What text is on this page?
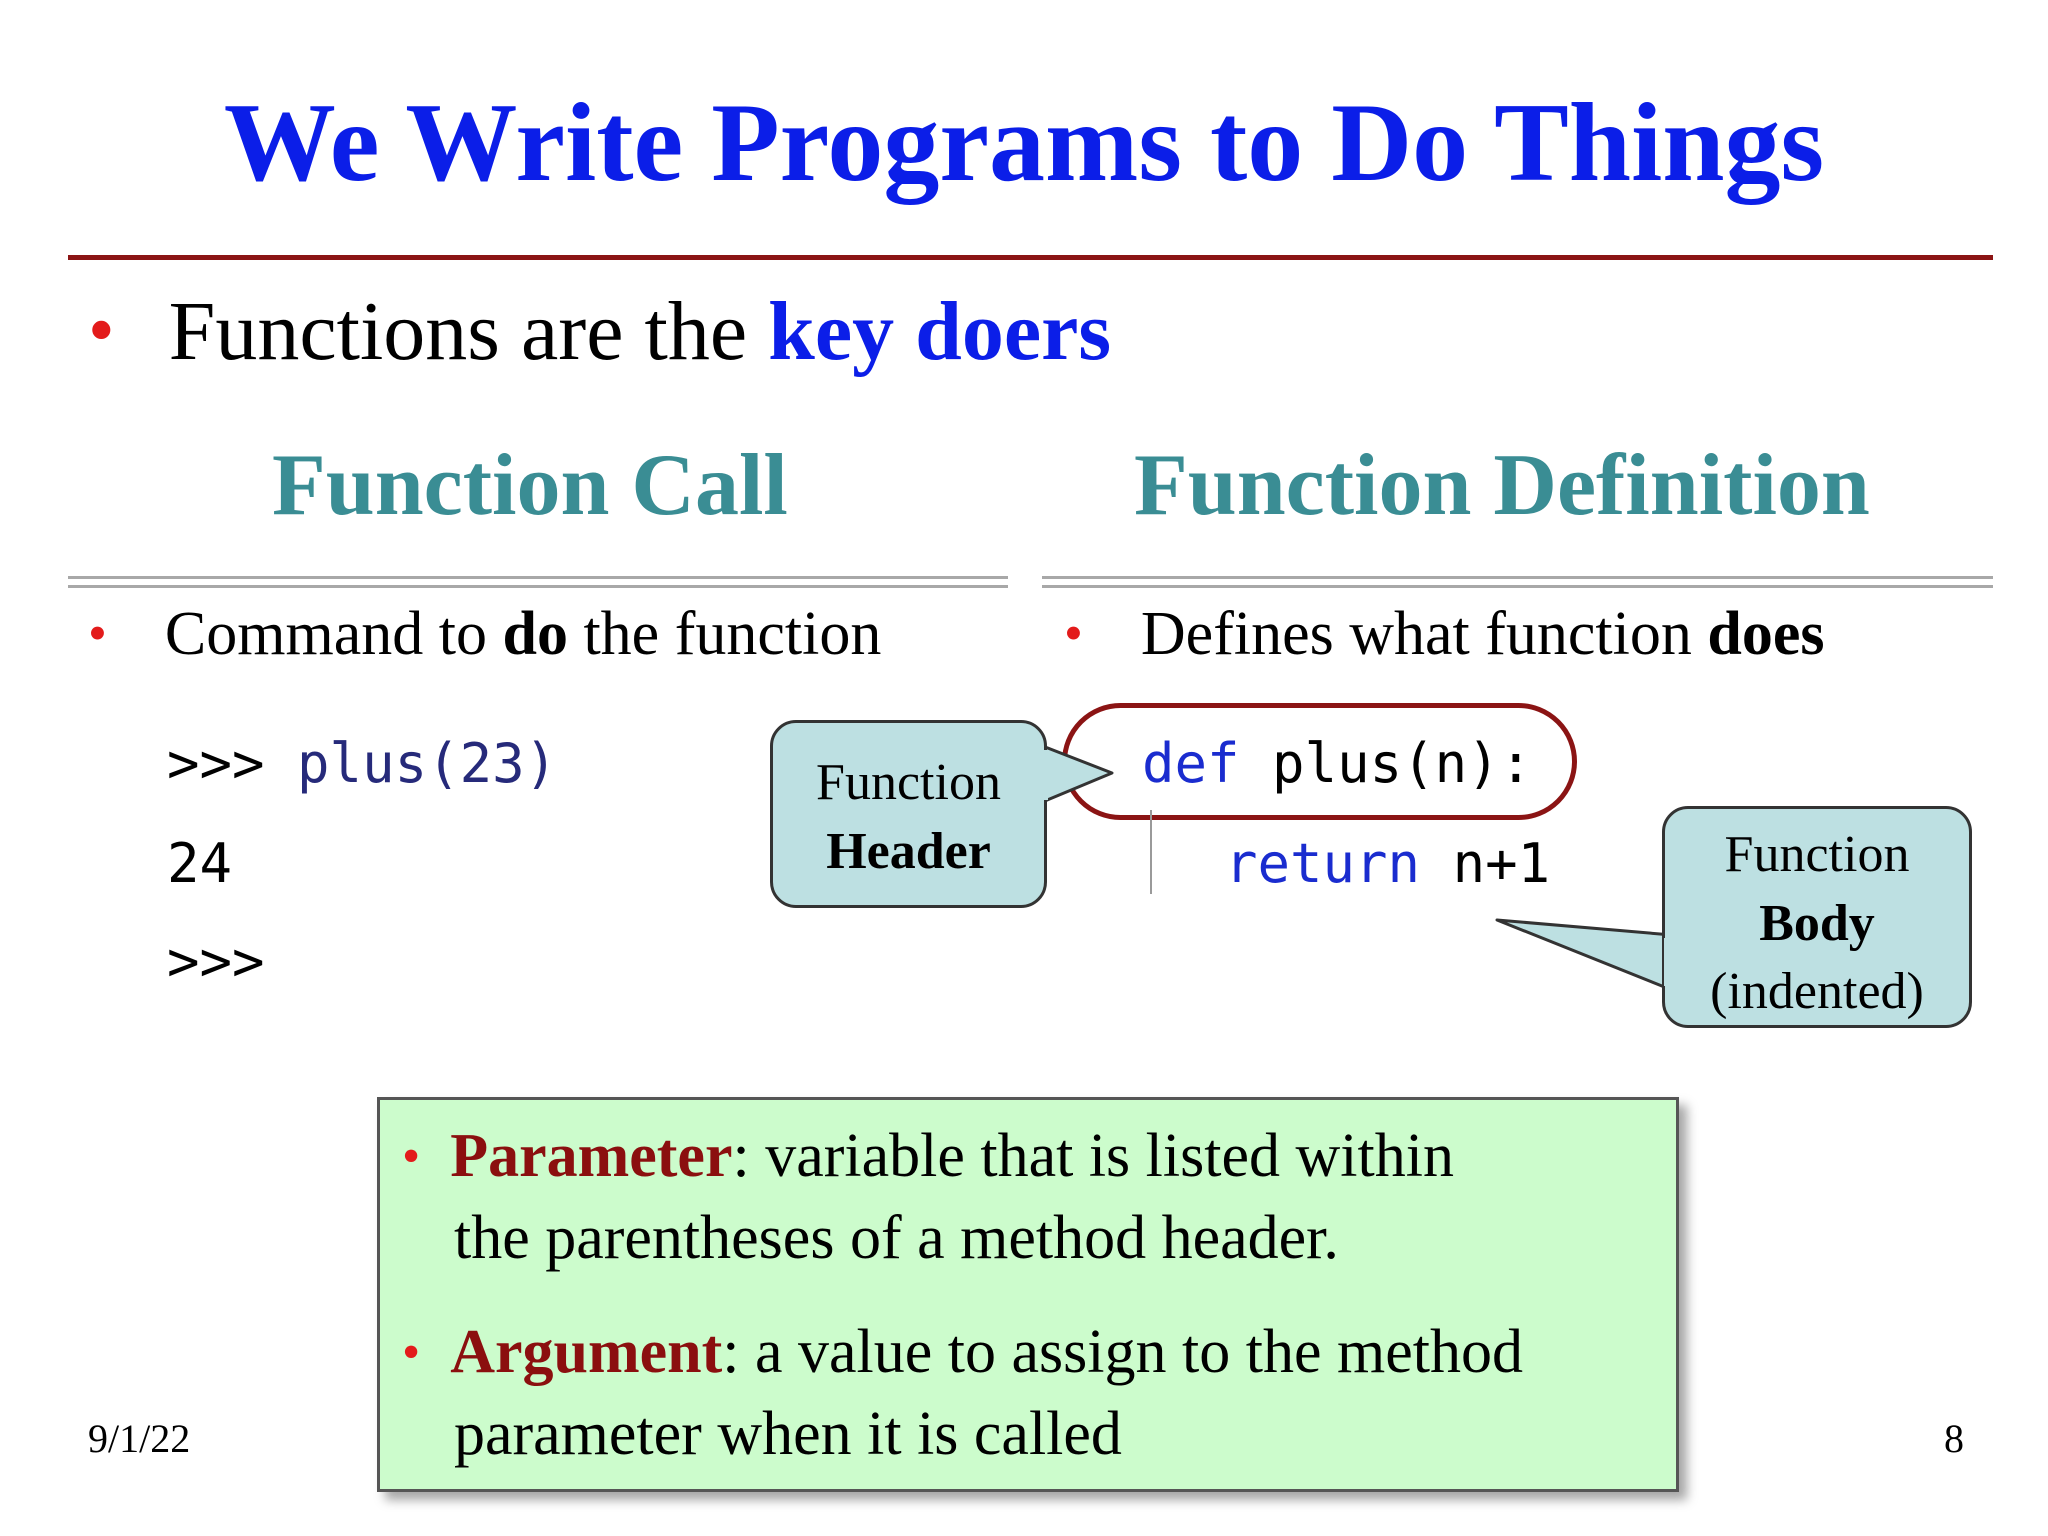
We Write Programs to Do Things
• Functions are the key doers
Function Call
• Command to do the function
>>> plus(23)
24
>>>
Function Definition
• Defines what function does
def plus(n):
return n+1
Function
Header	Function
Body
(indented)
• Parameter: variable that is listed within
the parentheses of a method header.
• Argument: a value to assign to the method
parameter when it is called
9/1/22	8
